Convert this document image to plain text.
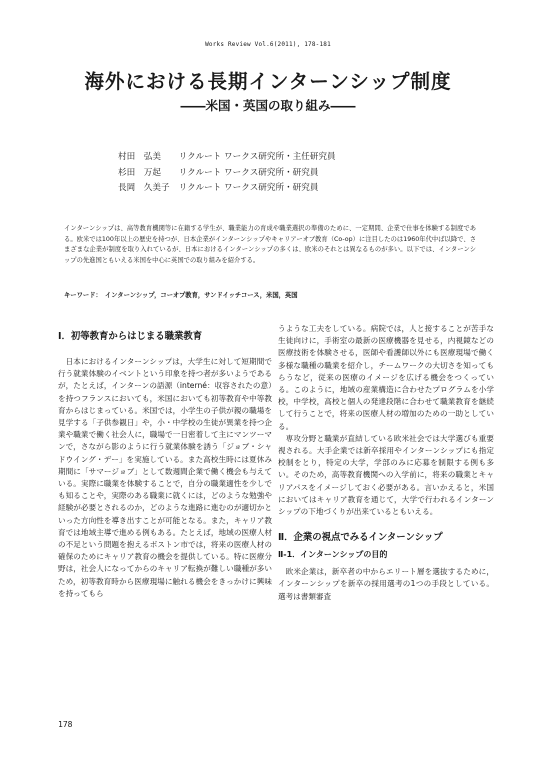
Works Review Vol.6(2011), 178-181
海外における長期インターンシップ制度
――米国・英国の取り組み――
村田　弘美 リクルート ワークス研究所・主任研究員
杉田　万起 リクルート ワークス研究所・研究員
長岡　久美子 リクルート ワークス研究所・研究員
インターンシップは、高等教育機関等に在籍する学生が、職業能力の育成や職業選択の準備のために、一定期間、企業で仕事を体験する制度である。欧米では100年以上の歴史を持つが、日本企業がインターンシップやキャリアーオブ教育（Co-op）に注目したのは1960年代中ば以降で、さまざまな企業が制度を取り入れているが、日本におけるインターンシップの多くは、欧米のそれとは異なるものが多い。以下では、インターンシップの先進国ともいえる米国を中心に英国での取り組みを紹介する。
キーワード：　インターンシップ，コーオプ教育，サンドイッチコース，米国，英国
Ⅰ．初等教育からはじまる職業教育

日本におけるインターンシップは，大学生に対して短期間で行う就業体験のイベントという印象を持つ者が多いようであるが，たとえば，インターンの語源（interné：収容されたの意）を持つフランスにおいても，米国においても初等教育や中等教育からはじまっている。米国では，小学生の子供が親の職場を見学する「子供参観日」や，小・中学校の生徒が異業を持つ企業や職業で働く社会人に，職場で一日密着して主にマンツーマンで，さながら影のように行う就業体験を誘う「ジョブ・シャドウイング・デー」を実施している。また高校生時には夏休み期間に「サマージョブ」として数週間企業で働く機会も与えている。実際に職業を体験することで，自分の職業適性を少しでも知ることや，実際のある職業に就くには，どのような勉強や経験が必要とされるのか，どのような進路に進むのが適切かといった方向性を導き出すことが可能となる。また，キャリア教育では地域主導で進める例もある。たとえば，地域の医療人材の不足という問題を抱えるボストン市では，将来の医療人材の確保のためにキャリア教育の機会を提供している。特に医療分野は，社会人になってからのキャリア転換が難しい職種が多いため，初等教育時から医療現場に触れる機会をきっかけに興味を持ってもら

うような工夫をしている。病院では，人と接することが苦手な生徒向けに，手術室の最新の医療機器を見せる，内視鏡などの医療技術を体験させる，医師や看護師以外にも医療現場で働く多様な職種の職業を紹介し，チームワークの大切さを知ってもらうなど，従来の医療のイメージを広げる機会をつくっている。このように，地域の産業構造に合わせたプログラムを小学校，中学校，高校と個人の発達段階に合わせて職業教育を継続して行うことで，将来の医療人材の増加のための一助としている。

専攻分野と職業が直結している欧米社会では大学選びも重要視される。大手企業では新卒採用やインターンシップにも指定校制をとり，特定の大学，学部のみに応募を制限する例も多い。そのため，高等教育機関への入学前に，将来の職業とキャリアパスをイメージしておく必要がある。言いかえると，米国においてはキャリア教育を通じて，大学で行われるインターンシップの下地づくりが出来ているともいえる。

Ⅱ．企業の視点でみるインターンシップ
Ⅱ-1．インターンシップの目的

欧米企業は，新卒者の中からエリート層を選抜するために，インターンシップを新卒の採用選考の1つの手段としている。選考は書類審査

178
